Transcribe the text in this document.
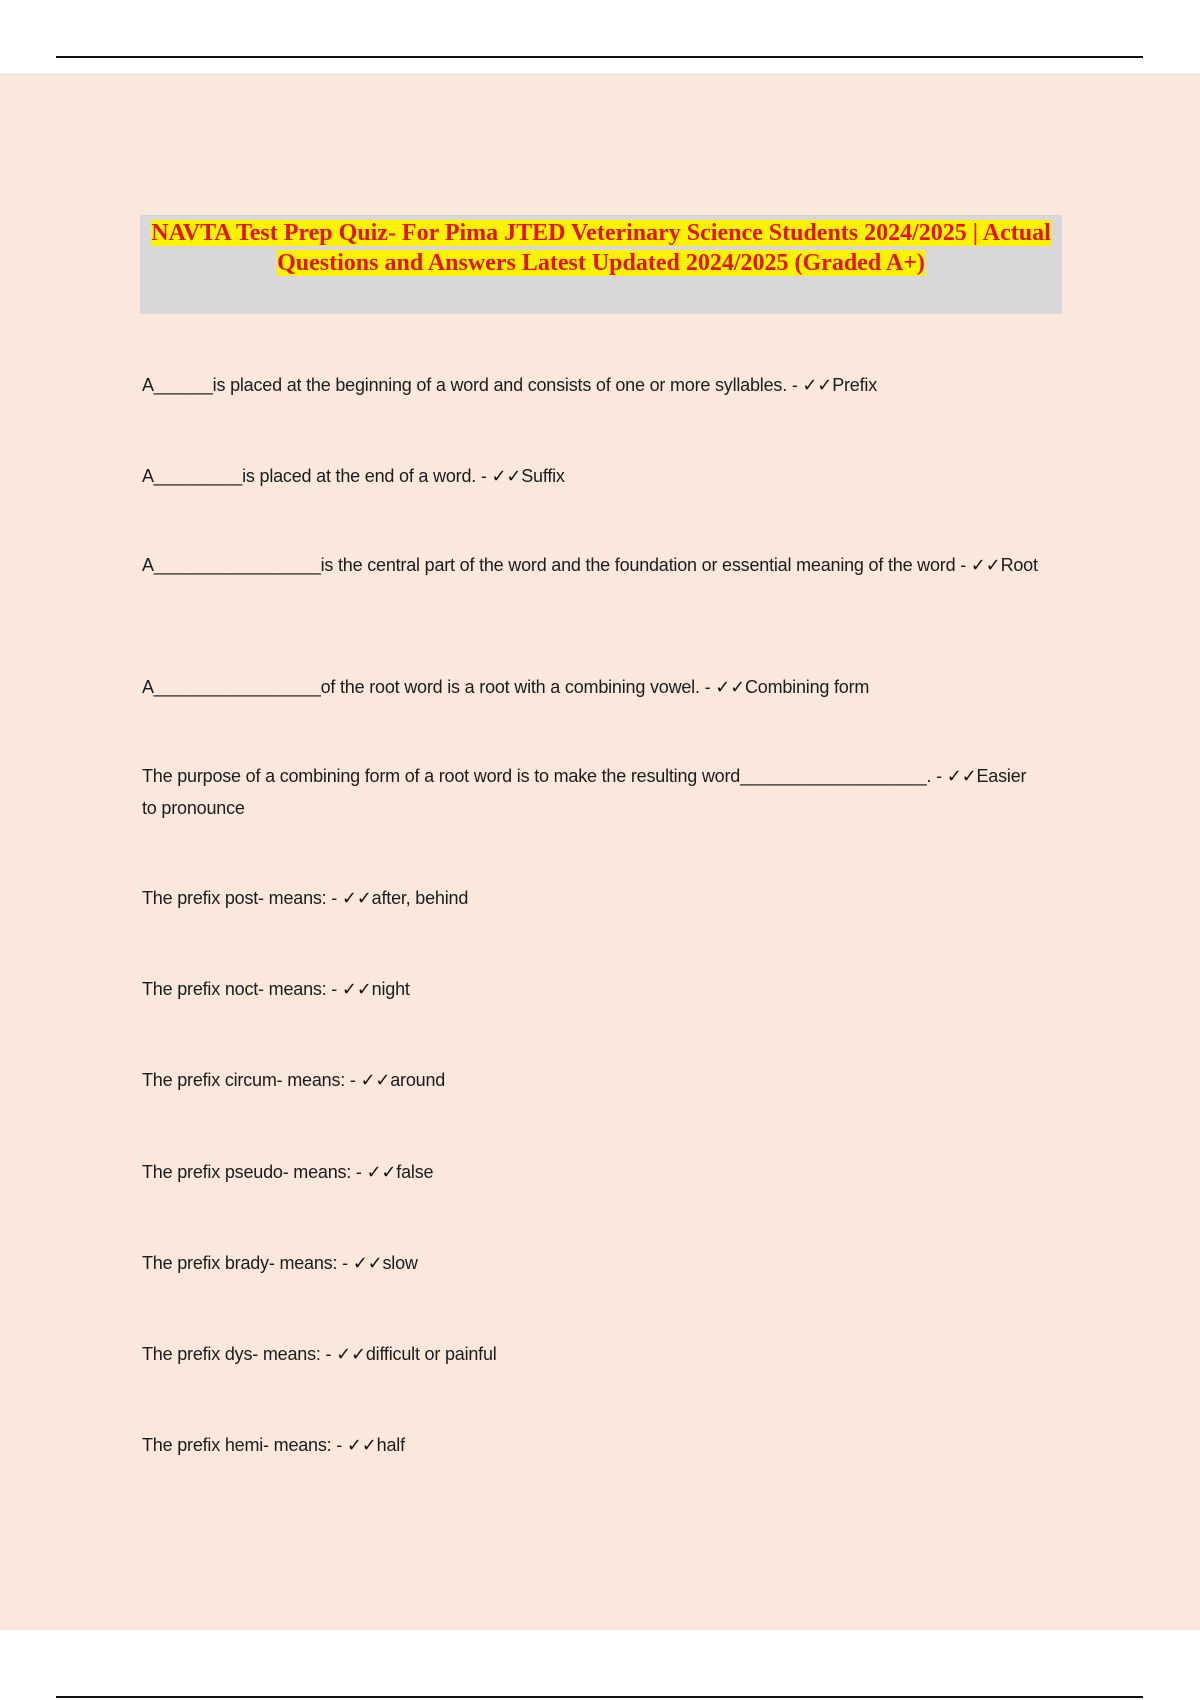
NAVTA Test Prep Quiz- For Pima JTED Veterinary Science Students 2024/2025 | Actual Questions and Answers Latest Updated 2024/2025 (Graded A+)
A______is placed at the beginning of a word and consists of one or more syllables. - ✓✓Prefix
A_________is placed at the end of a word. - ✓✓Suffix
A_________________is the central part of the word and the foundation or essential meaning of the word - ✓✓Root
A_________________of the root word is a root with a combining vowel. - ✓✓Combining form
The purpose of a combining form of a root word is to make the resulting word___________________. - ✓✓Easier to pronounce
The prefix post- means: - ✓✓after, behind
The prefix noct- means: - ✓✓night
The prefix circum- means: - ✓✓around
The prefix pseudo- means: - ✓✓false
The prefix brady- means: - ✓✓slow
The prefix dys- means: - ✓✓difficult or painful
The prefix hemi- means: - ✓✓half
